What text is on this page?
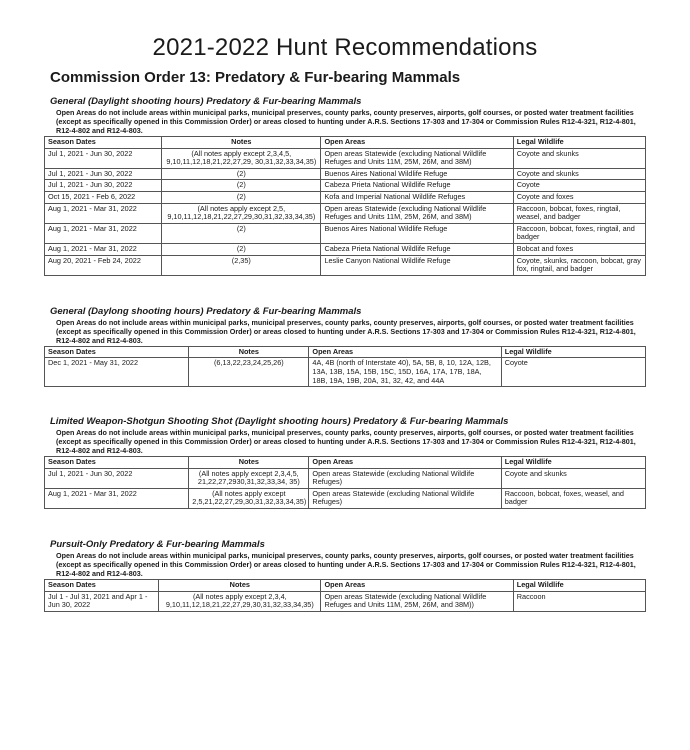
2021-2022 Hunt Recommendations
Commission Order 13: Predatory & Fur-bearing Mammals
General (Daylight shooting hours) Predatory & Fur-bearing Mammals

Open Areas do not include areas within municipal parks, municipal preserves, county parks, county preserves, airports, golf courses, or posted water treatment facilities (except as specifically opened in this Commission Order) or areas closed to hunting under A.R.S. Sections 17-303 and 17-304 or Commission Rules R12-4-321, R12-4-801, R12-4-802 and R12-4-803.

Season Dates	Notes	Open Areas	Legal Wildlife
Jul 1, 2021 - Jun 30, 2022	(All notes apply except 2,3,4,5, 9,10,11,12,18,21,22,27,29, 30,31,32,33,34,35)	Open areas Statewide (excluding National Wildlife Refuges and Units 11M, 25M, 26M, and 38M)	Coyote and skunks
Jul 1, 2021 - Jun 30, 2022	(2)	Buenos Aires National Wildlife Refuge	Coyote and skunks
Jul 1, 2021 - Jun 30, 2022	(2)	Cabeza Prieta National Wildlife Refuge	Coyote
Oct 15, 2021 - Feb 6, 2022	(2)	Kofa and Imperial National Wildlife Refuges	Coyote and foxes
Aug 1, 2021 - Mar 31, 2022	(All notes apply except 2,5, 9,10,11,12,18,21,22,27,29,30,31,32,33,34,35)	Open areas Statewide (excluding National Wildlife Refuges and Units 11M, 25M, 26M, and 38M)	Raccoon, bobcat, foxes, ringtail, weasel, and badger
Aug 1, 2021 - Mar 31, 2022	(2)	Buenos Aires National Wildlife Refuge	Raccoon, bobcat, foxes, ringtail, and badger
Aug 1, 2021 - Mar 31, 2022	(2)	Cabeza Prieta National Wildlife Refuge	Bobcat and foxes
Aug 20, 2021 - Feb 24, 2022	(2,35)	Leslie Canyon National Wildlife Refuge	Coyote, skunks, raccoon, bobcat, gray fox, ringtail, and badger
General (Daylong shooting hours) Predatory & Fur-bearing Mammals

Open Areas do not include areas within municipal parks, municipal preserves, county parks, county preserves, airports, golf courses, or posted water treatment facilities (except as specifically opened in this Commission Order) or areas closed to hunting under A.R.S. Sections 17-303 and 17-304 or Commission Rules R12-4-321, R12-4-801, R12-4-802 and R12-4-803.

Season Dates	Notes	Open Areas	Legal Wildlife
Dec 1, 2021 - May 31, 2022	(6,13,22,23,24,25,26)	4A, 4B (north of Interstate 40), 5A, 5B, 8, 10, 12A, 12B, 13A, 13B, 15A, 15B, 15C, 15D, 16A, 17A, 17B, 18A, 18B, 19A, 19B, 20A, 31, 32, 42, and 44A	Coyote
Limited Weapon-Shotgun Shooting Shot (Daylight shooting hours) Predatory & Fur-bearing Mammals

Open Areas do not include areas within municipal parks, municipal preserves, county parks, county preserves, airports, golf courses, or posted water treatment facilities (except as specifically opened in this Commission Order) or areas closed to hunting under A.R.S. Sections 17-303 and 17-304 or Commission Rules R12-4-321, R12-4-801, R12-4-802 and R12-4-803.

Season Dates	Notes	Open Areas	Legal Wildlife
Jul 1, 2021 - Jun 30, 2022	(All notes apply except 2,3,4,5, 21,22,27,2930,31,32,33,34, 35)	Open areas Statewide (excluding National Wildlife Refuges)	Coyote and skunks
Aug 1, 2021 - Mar 31, 2022	(All notes apply except 2,5,21,22,27,29,30,31,32,33,34,35)	Open areas Statewide (excluding National Wildlife Refuges)	Raccoon, bobcat, foxes, weasel, and badger
Pursuit-Only Predatory & Fur-bearing Mammals

Open Areas do not include areas within municipal parks, municipal preserves, county parks, county preserves, airports, golf courses, or posted water treatment facilities (except as specifically opened in this Commission Order) or areas closed to hunting under A.R.S. Sections 17-303 and 17-304 or Commission Rules R12-4-321, R12-4-801, R12-4-802 and R12-4-803.

Season Dates	Notes	Open Areas	Legal Wildlife
Jul 1 - Jul 31, 2021 and Apr 1 - Jun 30, 2022	(All notes apply except 2,3,4, 9,10,11,12,18,21,22,27,29,30,31,32,33,34,35)	Open areas Statewide (excluding National Wildlife Refuges and Units 11M, 25M, 26M, and 38M))	Raccoon
